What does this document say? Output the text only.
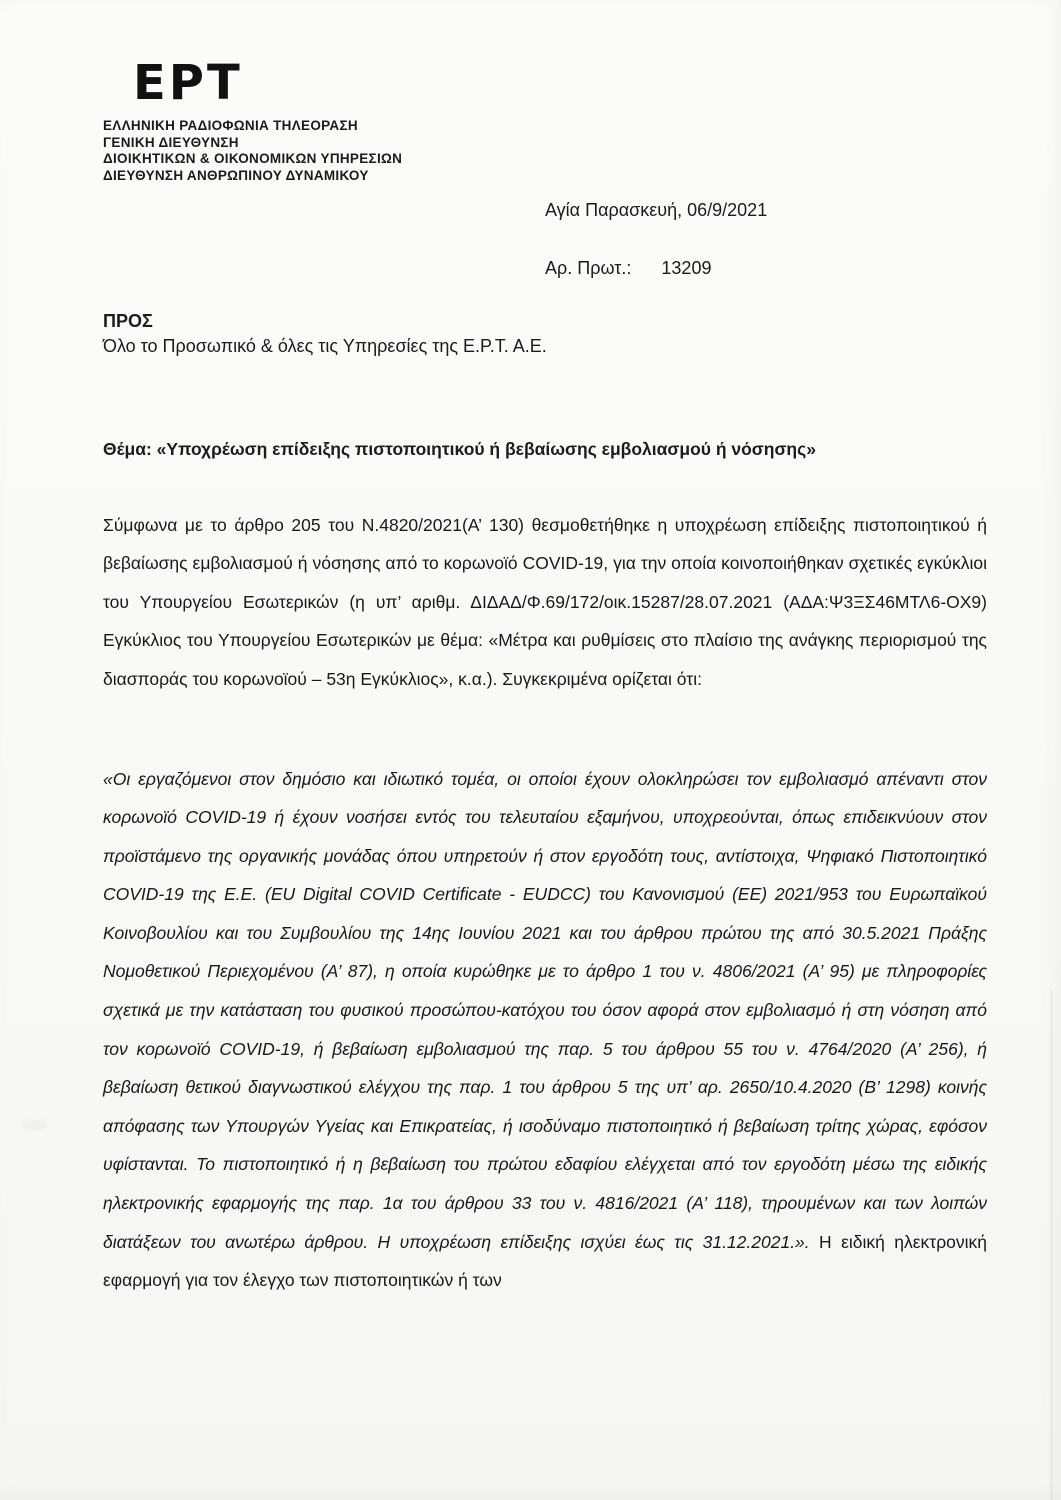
ΕΡΤ
ΕΛΛΗΝΙΚΗ ΡΑΔΙΟΦΩΝΙΑ ΤΗΛΕΟΡΑΣΗ
ΓΕΝΙΚΗ ΔΙΕΥΘΥΝΣΗ
ΔΙΟΙΚΗΤΙΚΩΝ & ΟΙΚΟΝΟΜΙΚΩΝ ΥΠΗΡΕΣΙΩΝ
ΔΙΕΥΘΥΝΣΗ ΑΝΘΡΩΠΙΝΟΥ ΔΥΝΑΜΙΚΟΥ
Αγία Παρασκευή, 06/9/2021
Αρ. Πρωτ.: 13209
ΠΡΟΣ
Όλο το Προσωπικό & όλες τις Υπηρεσίες της Ε.Ρ.Τ. Α.Ε.
Θέμα: «Υποχρέωση επίδειξης πιστοποιητικού ή βεβαίωσης εμβολιασμού ή νόσησης»

Σύμφωνα με το άρθρο 205 του Ν.4820/2021(Α’ 130) θεσμοθετήθηκε η υποχρέωση επίδειξης πιστοποιητικού ή βεβαίωσης εμβολιασμού ή νόσησης από το κορωνοϊό COVID-19, για την οποία κοινοποιήθηκαν σχετικές εγκύκλιοι του Υπουργείου Εσωτερικών (η υπ’ αριθμ. ΔΙΔΑΔ/Φ.69/172/οικ.15287/28.07.2021 (ΑΔΑ:Ψ3ΞΣ46ΜΤΛ6-ΟΧ9) Εγκύκλιος του Υπουργείου Εσωτερικών με θέμα: «Μέτρα και ρυθμίσεις στο πλαίσιο της ανάγκης περιορισμού της διασποράς του κορωνοϊού – 53η Εγκύκλιος», κ.α.). Συγκεκριμένα ορίζεται ότι:

«Οι εργαζόμενοι στον δημόσιο και ιδιωτικό τομέα, οι οποίοι έχουν ολοκληρώσει τον εμβολιασμό απέναντι στον κορωνοϊό COVID-19 ή έχουν νοσήσει εντός του τελευταίου εξαμήνου, υποχρεούνται, όπως επιδεικνύουν στον προϊστάμενο της οργανικής μονάδας όπου υπηρετούν ή στον εργοδότη τους, αντίστοιχα, Ψηφιακό Πιστοποιητικό COVID-19 της Ε.Ε. (EU Digital COVID Certificate - EUDCC) του Κανονισμού (ΕΕ) 2021/953 του Ευρωπαϊκού Κοινοβουλίου και του Συμβουλίου της 14ης Ιουνίου 2021 και του άρθρου πρώτου της από 30.5.2021 Πράξης Νομοθετικού Περιεχομένου (Α’ 87), η οποία κυρώθηκε με το άρθρο 1 του ν. 4806/2021 (Α’ 95) με πληροφορίες σχετικά με την κατάσταση του φυσικού προσώπου-κατόχου του όσον αφορά στον εμβολιασμό ή στη νόσηση από τον κορωνοϊό COVID-19, ή βεβαίωση εμβολιασμού της παρ. 5 του άρθρου 55 του ν. 4764/2020 (Α’ 256), ή βεβαίωση θετικού διαγνωστικού ελέγχου της παρ. 1 του άρθρου 5 της υπ’ αρ. 2650/10.4.2020 (Β’ 1298) κοινής απόφασης των Υπουργών Υγείας και Επικρατείας, ή ισοδύναμο πιστοποιητικό ή βεβαίωση τρίτης χώρας, εφόσον υφίστανται. Το πιστοποιητικό ή η βεβαίωση του πρώτου εδαφίου ελέγχεται από τον εργοδότη μέσω της ειδικής ηλεκτρονικής εφαρμογής της παρ. 1α του άρθρου 33 του ν. 4816/2021 (Α’ 118), τηρουμένων και των λοιπών διατάξεων του ανωτέρω άρθρου. Η υποχρέωση επίδειξης ισχύει έως τις 31.12.2021.». Η ειδική ηλεκτρονική εφαρμογή για τον έλεγχο των πιστοποιητικών ή των
